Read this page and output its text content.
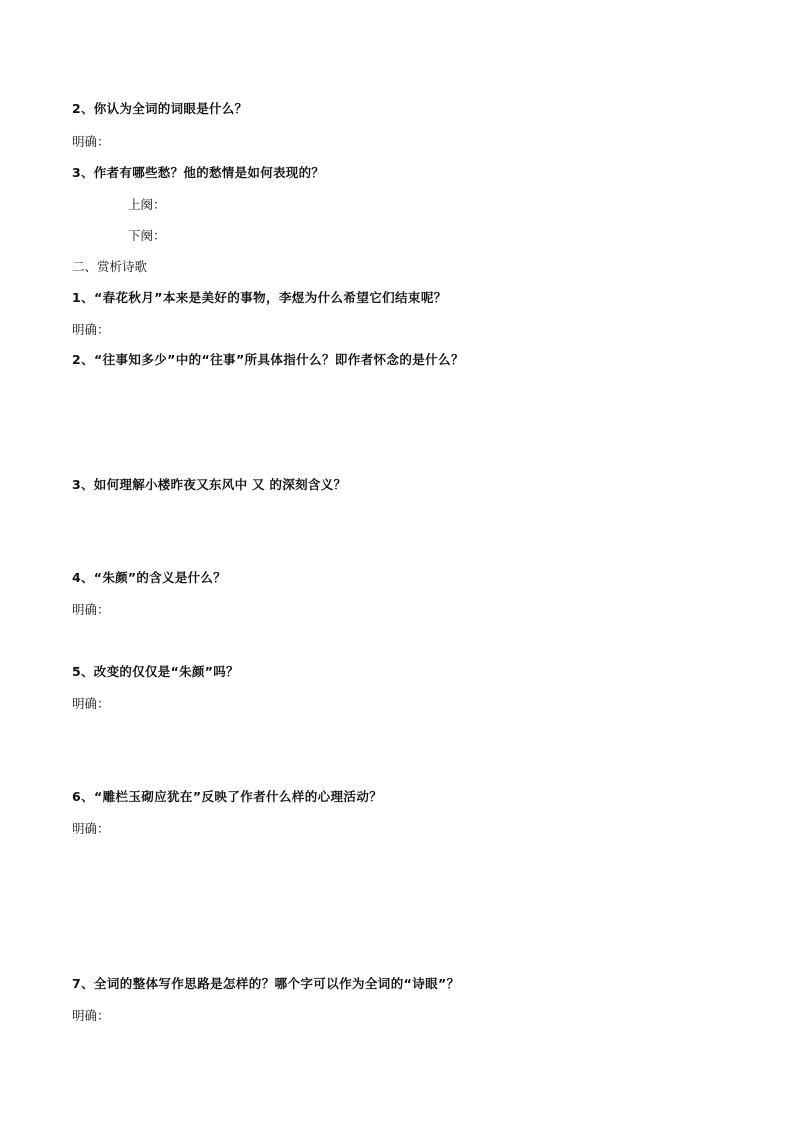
2、你认为全词的词眼是什么？
明确：
3、作者有哪些愁？他的愁情是如何表现的？
上阕：
下阕：
二、赏析诗歌
1、“春花秋月”本来是美好的事物，李煜为什么希望它们结束呢？
明确：
2、“往事知多少”中的“往事”所具体指什么？即作者怀念的是什么？
3、如何理解小楼昨夜又东风中 又 的深刻含义？
4、“朱颜”的含义是什么？
明确：
5、改变的仅仅是“朱颜”吗？
明确：
6、“雕栏玉砌应犹在”反映了作者什么样的心理活动？
明确：
7、全词的整体写作思路是怎样的？哪个字可以作为全词的“诗眼”？
明确：
